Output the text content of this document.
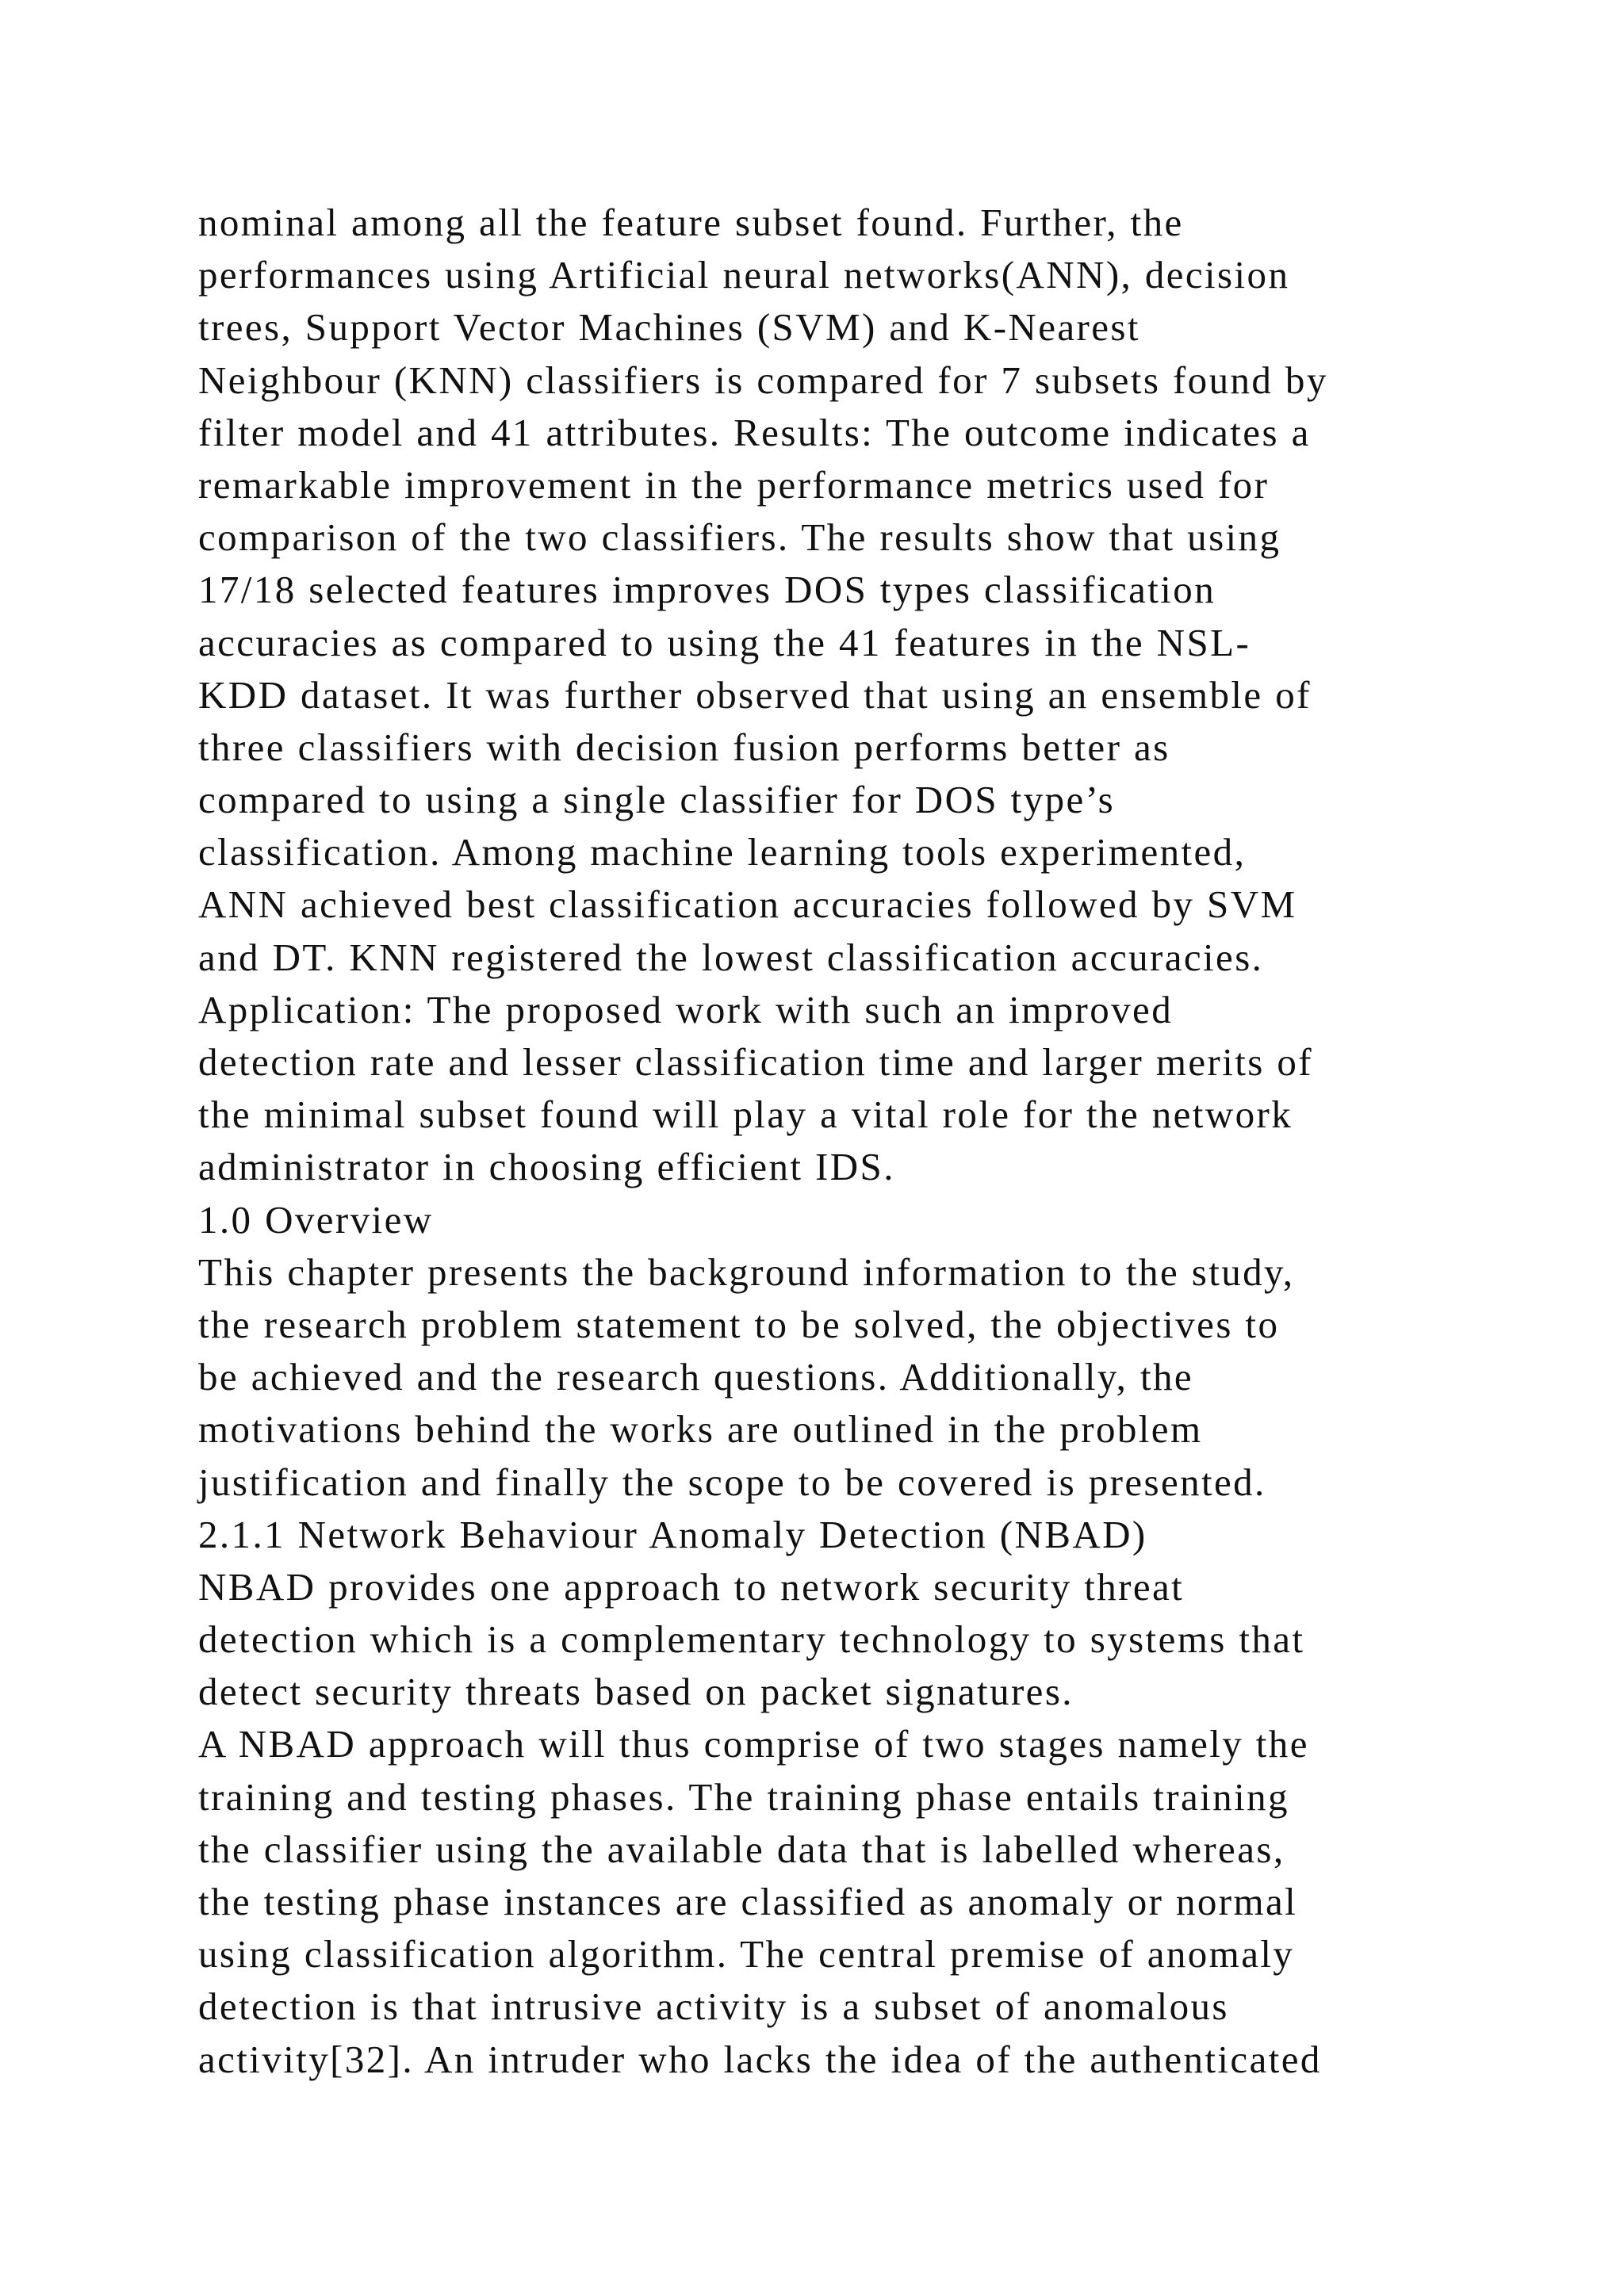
nominal among all the feature subset found. Further, the
performances using Artificial neural networks(ANN), decision
trees, Support Vector Machines (SVM) and K-Nearest
Neighbour (KNN) classifiers is compared for 7 subsets found by
filter model and 41 attributes. Results: The outcome indicates a
remarkable improvement in the performance metrics used for
comparison of the two classifiers. The results show that using
17/18 selected features improves DOS types classification
accuracies as compared to using the 41 features in the NSL-
KDD dataset. It was further observed that using an ensemble of
three classifiers with decision fusion performs better as
compared to using a single classifier for DOS type’s
classification. Among machine learning tools experimented,
ANN achieved best classification accuracies followed by SVM
and DT. KNN registered the lowest classification accuracies.
Application: The proposed work with such an improved
detection rate and lesser classification time and larger merits of
the minimal subset found will play a vital role for the network
administrator in choosing efficient IDS.
1.0 Overview
This chapter presents the background information to the study,
the research problem statement to be solved, the objectives to
be achieved and the research questions. Additionally, the
motivations behind the works are outlined in the problem
justification and finally the scope to be covered is presented.
2.1.1 Network Behaviour Anomaly Detection (NBAD)
NBAD provides one approach to network security threat
detection which is a complementary technology to systems that
detect security threats based on packet signatures.
A NBAD approach will thus comprise of two stages namely the
training and testing phases. The training phase entails training
the classifier using the available data that is labelled whereas,
the testing phase instances are classified as anomaly or normal
using classification algorithm. The central premise of anomaly
detection is that intrusive activity is a subset of anomalous
activity[32]. An intruder who lacks the idea of the authenticated
